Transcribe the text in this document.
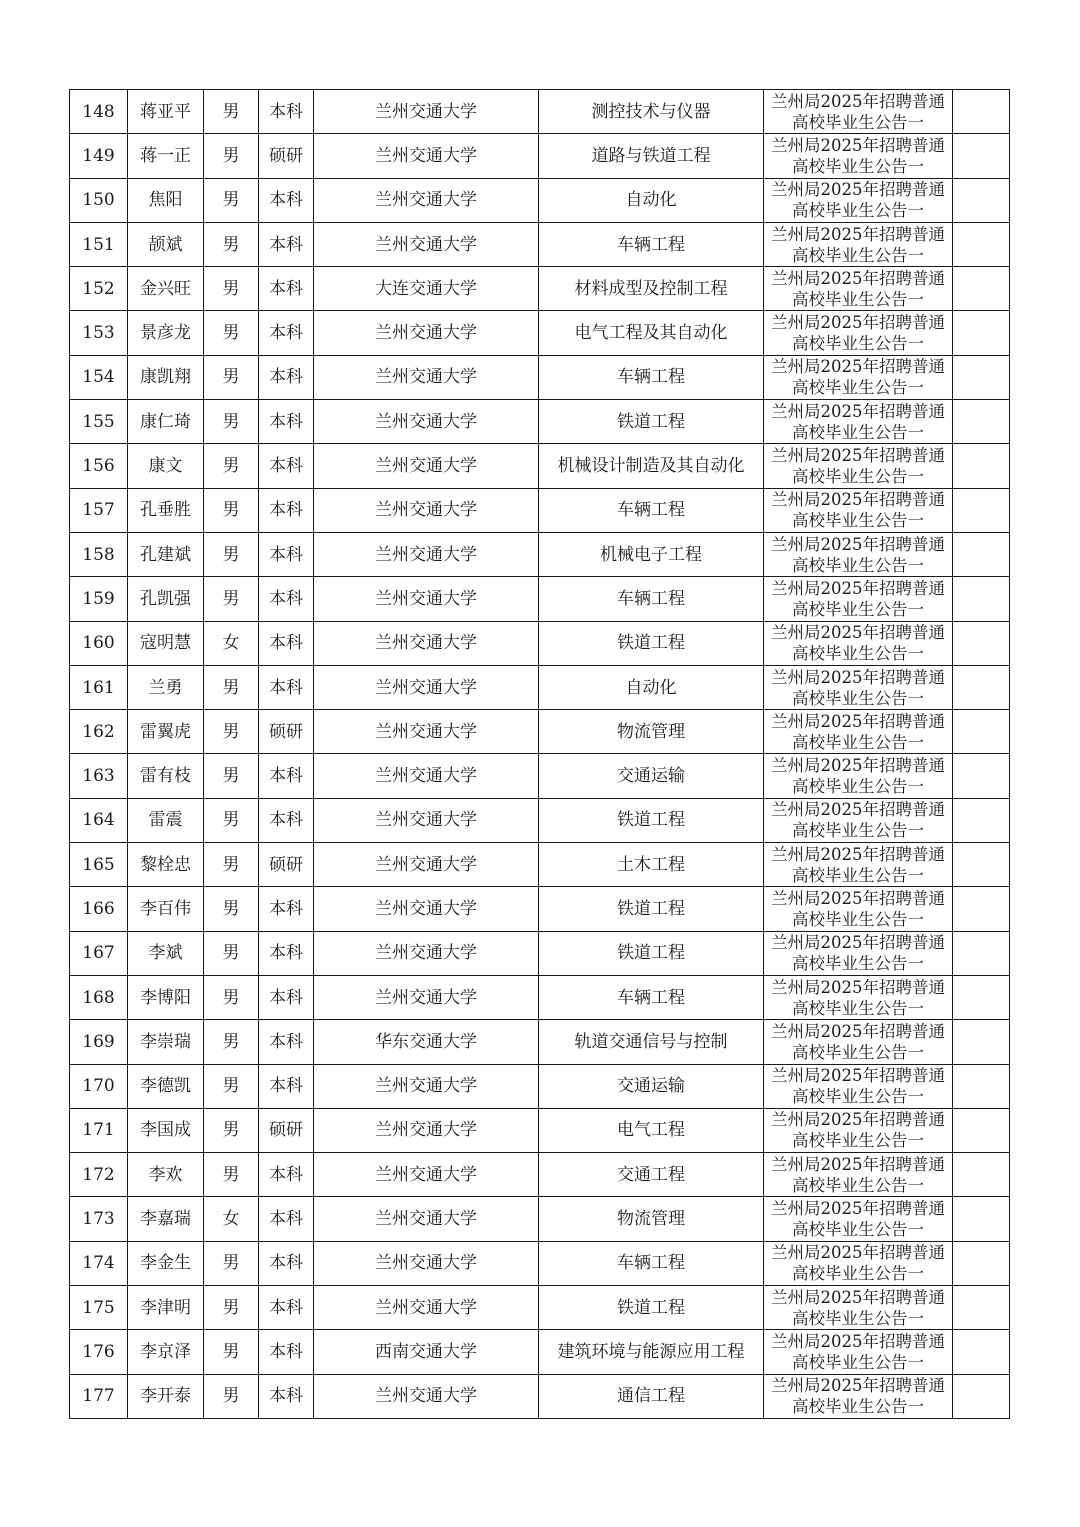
148	蒋亚平	男	本科	兰州交通大学	测控技术与仪器	兰州局2025年招聘普通高校毕业生公告一	
149	蒋一正	男	硕研	兰州交通大学	道路与铁道工程	兰州局2025年招聘普通高校毕业生公告一	
150	焦阳	男	本科	兰州交通大学	自动化	兰州局2025年招聘普通高校毕业生公告一	
151	颉斌	男	本科	兰州交通大学	车辆工程	兰州局2025年招聘普通高校毕业生公告一	
152	金兴旺	男	本科	大连交通大学	材料成型及控制工程	兰州局2025年招聘普通高校毕业生公告一	
153	景彦龙	男	本科	兰州交通大学	电气工程及其自动化	兰州局2025年招聘普通高校毕业生公告一	
154	康凯翔	男	本科	兰州交通大学	车辆工程	兰州局2025年招聘普通高校毕业生公告一	
155	康仁琦	男	本科	兰州交通大学	铁道工程	兰州局2025年招聘普通高校毕业生公告一	
156	康文	男	本科	兰州交通大学	机械设计制造及其自动化	兰州局2025年招聘普通高校毕业生公告一	
157	孔垂胜	男	本科	兰州交通大学	车辆工程	兰州局2025年招聘普通高校毕业生公告一	
158	孔建斌	男	本科	兰州交通大学	机械电子工程	兰州局2025年招聘普通高校毕业生公告一	
159	孔凯强	男	本科	兰州交通大学	车辆工程	兰州局2025年招聘普通高校毕业生公告一	
160	寇明慧	女	本科	兰州交通大学	铁道工程	兰州局2025年招聘普通高校毕业生公告一	
161	兰勇	男	本科	兰州交通大学	自动化	兰州局2025年招聘普通高校毕业生公告一	
162	雷翼虎	男	硕研	兰州交通大学	物流管理	兰州局2025年招聘普通高校毕业生公告一	
163	雷有枝	男	本科	兰州交通大学	交通运输	兰州局2025年招聘普通高校毕业生公告一	
164	雷震	男	本科	兰州交通大学	铁道工程	兰州局2025年招聘普通高校毕业生公告一	
165	黎栓忠	男	硕研	兰州交通大学	土木工程	兰州局2025年招聘普通高校毕业生公告一	
166	李百伟	男	本科	兰州交通大学	铁道工程	兰州局2025年招聘普通高校毕业生公告一	
167	李斌	男	本科	兰州交通大学	铁道工程	兰州局2025年招聘普通高校毕业生公告一	
168	李博阳	男	本科	兰州交通大学	车辆工程	兰州局2025年招聘普通高校毕业生公告一	
169	李崇瑞	男	本科	华东交通大学	轨道交通信号与控制	兰州局2025年招聘普通高校毕业生公告一	
170	李德凯	男	本科	兰州交通大学	交通运输	兰州局2025年招聘普通高校毕业生公告一	
171	李国成	男	硕研	兰州交通大学	电气工程	兰州局2025年招聘普通高校毕业生公告一	
172	李欢	男	本科	兰州交通大学	交通工程	兰州局2025年招聘普通高校毕业生公告一	
173	李嘉瑞	女	本科	兰州交通大学	物流管理	兰州局2025年招聘普通高校毕业生公告一	
174	李金生	男	本科	兰州交通大学	车辆工程	兰州局2025年招聘普通高校毕业生公告一	
175	李津明	男	本科	兰州交通大学	铁道工程	兰州局2025年招聘普通高校毕业生公告一	
176	李京泽	男	本科	西南交通大学	建筑环境与能源应用工程	兰州局2025年招聘普通高校毕业生公告一	
177	李开泰	男	本科	兰州交通大学	通信工程	兰州局2025年招聘普通高校毕业生公告一	
